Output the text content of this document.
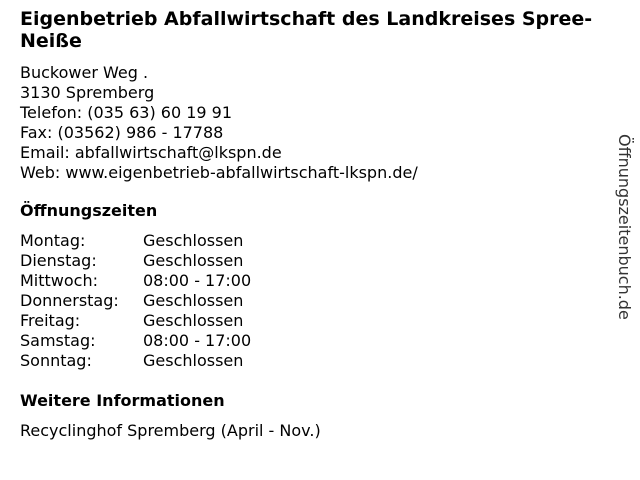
Eigenbetrieb Abfallwirtschaft des Landkreises Spree-Neiße
Buckower Weg .
3130 Spremberg
Telefon: (035 63) 60 19 91
Fax: (03562) 986 - 17788
Email: abfallwirtschaft@lkspn.de
Web: www.eigenbetrieb-abfallwirtschaft-lkspn.de/
Öffnungszeiten
Montag:	Geschlossen
Dienstag:	Geschlossen
Mittwoch:	08:00 - 17:00
Donnerstag:	Geschlossen
Freitag:	Geschlossen
Samstag:	08:00 - 17:00
Sonntag:	Geschlossen
Weitere Informationen
Recyclinghof Spremberg (April - Nov.)
Öffnungszeitenbuch.de
